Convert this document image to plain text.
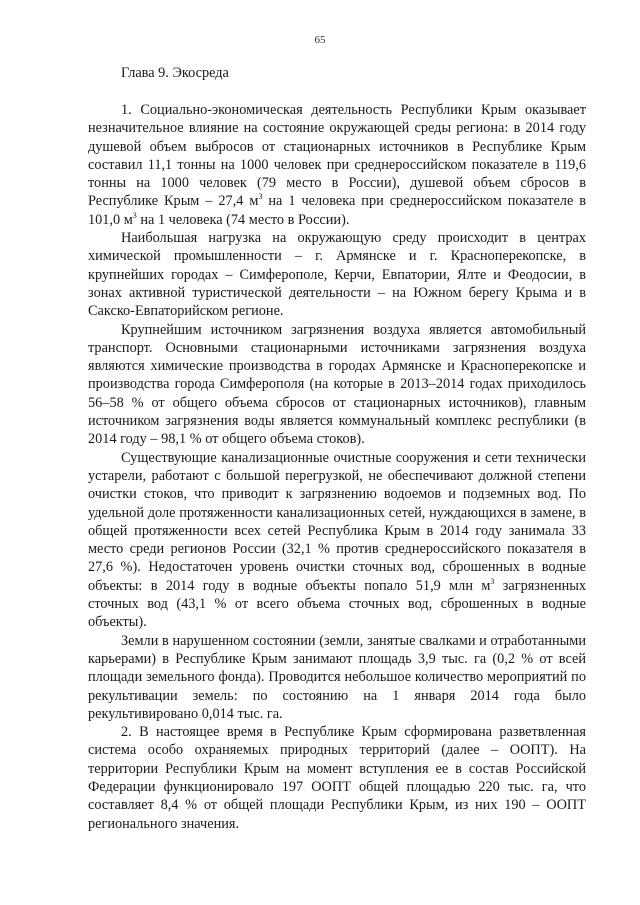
65
Глава 9. Экосреда

1. Социально-экономическая деятельность Республики Крым оказывает незначительное влияние на состояние окружающей среды региона: в 2014 году душевой объем выбросов от стационарных источников в Республике Крым составил 11,1 тонны на 1000 человек при среднероссийском показателе в 119,6 тонны на 1000 человек (79 место в России), душевой объем сбросов в Республике Крым – 27,4 $м^3$ на 1 человека при среднероссийском показателе в 101,0 $м^3$ на 1 человека (74 место в России).

Наибольшая нагрузка на окружающую среду происходит в центрах химической промышленности – г. Армянске и г. Красноперекопске, в крупнейших городах – Симферополе, Керчи, Евпатории, Ялте и Феодосии, в зонах активной туристической деятельности – на Южном берегу Крыма и в Сакско-Евпаторийском регионе.

Крупнейшим источником загрязнения воздуха является автомобильный транспорт. Основными стационарными источниками загрязнения воздуха являются химические производства в городах Армянске и Красноперекопске и производства города Симферополя (на которые в 2013–2014 годах приходилось 56–58 % от общего объема сбросов от стационарных источников), главным источником загрязнения воды является коммунальный комплекс республики (в 2014 году – 98,1 % от общего объема стоков).

Существующие канализационные очистные сооружения и сети технически устарели, работают с большой перегрузкой, не обеспечивают должной степени очистки стоков, что приводит к загрязнению водоемов и подземных вод. По удельной доле протяженности канализационных сетей, нуждающихся в замене, в общей протяженности всех сетей Республика Крым в 2014 году занимала 33 место среди регионов России (32,1 % против среднероссийского показателя в 27,6 %). Недостаточен уровень очистки сточных вод, сброшенных в водные объекты: в 2014 году в водные объекты попало 51,9 млн $м^3$ загрязненных сточных вод (43,1 % от всего объема сточных вод, сброшенных в водные объекты).

Земли в нарушенном состоянии (земли, занятые свалками и отработанными карьерами) в Республике Крым занимают площадь 3,9 тыс. га (0,2 % от всей площади земельного фонда). Проводится небольшое количество мероприятий по рекультивации земель: по состоянию на 1 января 2014 года было рекультивировано 0,014 тыс. га.

2. В настоящее время в Республике Крым сформирована разветвленная система особо охраняемых природных территорий (далее – ООПТ). На территории Республики Крым на момент вступления ее в состав Российской Федерации функционировало 197 ООПТ общей площадью 220 тыс. га, что составляет 8,4 % от общей площади Республики Крым, из них 190 – ООПТ регионального значения.
